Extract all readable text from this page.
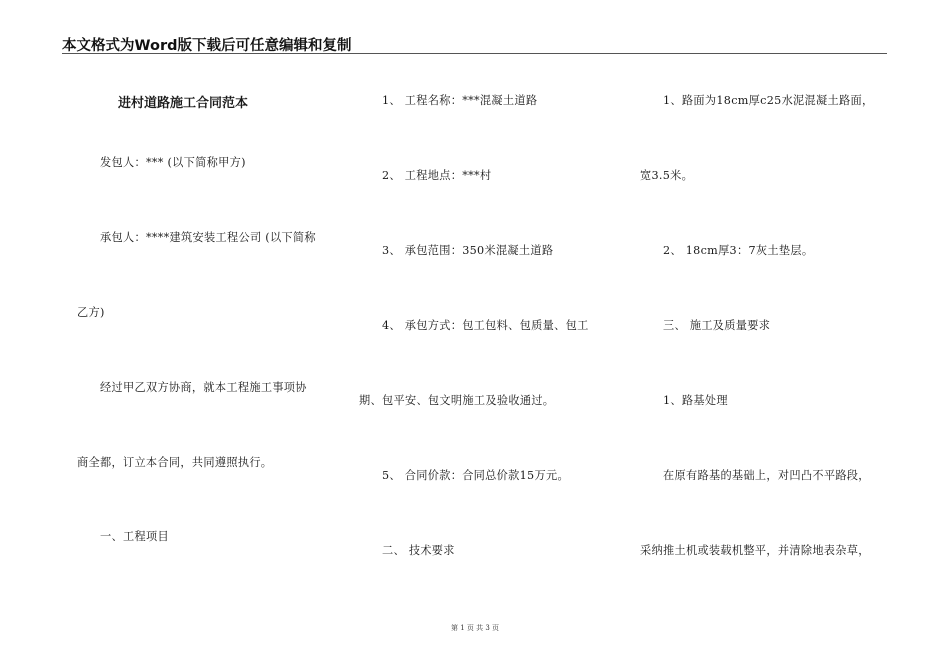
本文格式为Word版下载后可任意编辑和复制
进村道路施工合同范本
发包人：*** (以下简称甲方)
承包人：****建筑安装工程公司 (以下简称
乙方)
经过甲乙双方协商，就本工程施工事项协
商全都，订立本合同，共同遵照执行。
一、工程项目
1、 工程名称：***混凝土道路
2、 工程地点：***村
3、 承包范围：350米混凝土道路
4、 承包方式：包工包料、包质量、包工
期、包平安、包文明施工及验收通过。
5、 合同价款：合同总价款15万元。
二、 技术要求
1、路面为18cm厚c25水泥混凝土路面，
宽3.5米。
2、 18cm厚3：7灰土垫层。
三、 施工及质量要求
1、路基处理
在原有路基的基础上，对凹凸不平路段，
采纳推土机或装载机整平，并清除地表杂草，
第 1 页 共 3 页
